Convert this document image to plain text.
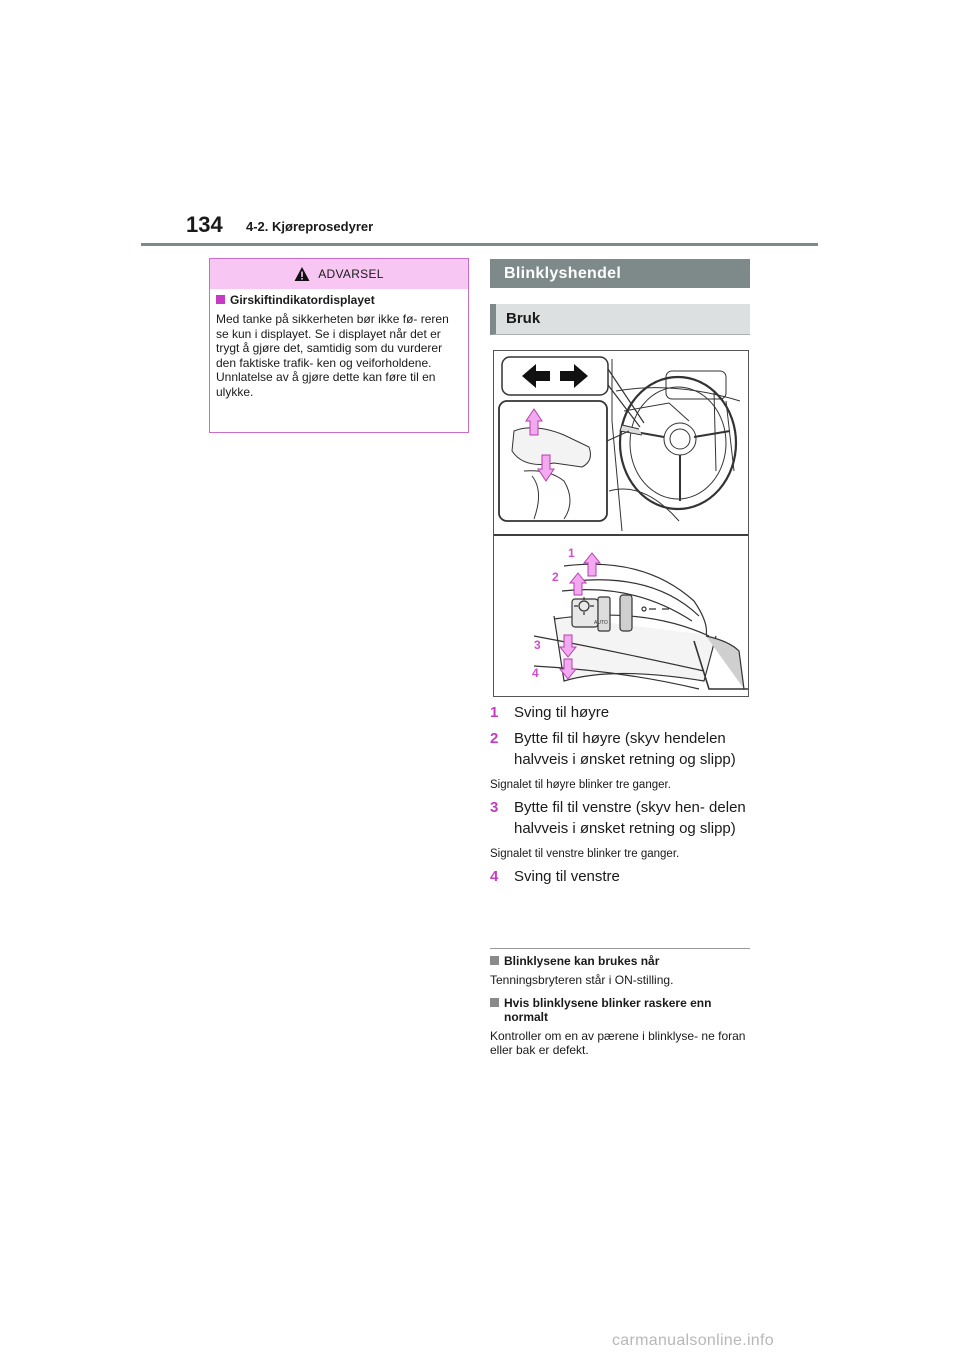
134 4-2. Kjøreprosedyrer
ADVARSEL

Girskiftindikatordisplayet

Med tanke på sikkerheten bør ikke fø- reren se kun i displayet. Se i displayet når det er trygt å gjøre det, samtidig som du vurderer den faktiske trafik- ken og veiforholdene. Unnlatelse av å gjøre dette kan føre til en ulykke.

Blinklyshendel
Bruk
AUTO
1
2
3
4
1	Sving til høyre
2	Bytte fil til høyre (skyv hendelen halvveis i ønsket retning og slipp)
Signalet til høyre blinker tre ganger.
3	Bytte fil til venstre (skyv hen- delen halvveis i ønsket retning og slipp)
Signalet til venstre blinker tre ganger.
4	Sving til venstre

Blinklysene kan brukes når

Tenningsbryteren står i ON-stilling.

Hvis blinklysene blinker raskere enn normalt

Kontroller om en av pærene i blinklyse- ne foran eller bak er defekt.

carmanualsonline.info
